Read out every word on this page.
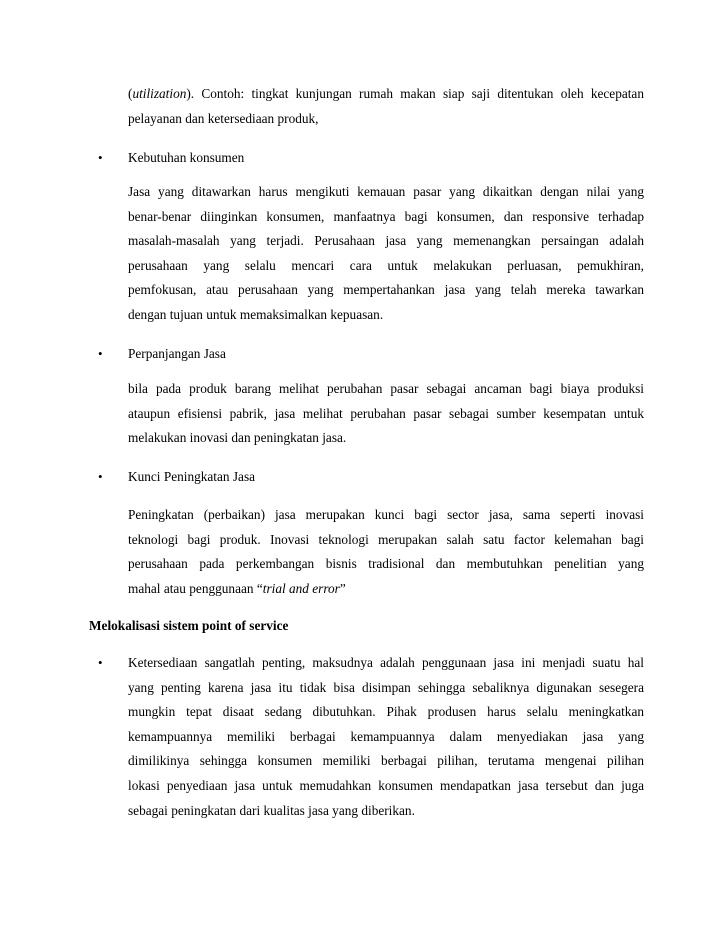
(utilization). Contoh: tingkat kunjungan rumah makan siap saji ditentukan oleh kecepatan
pelayanan dan ketersediaan produk,
•	Kebutuhan konsumen
Jasa yang ditawarkan harus mengikuti kemauan pasar yang dikaitkan dengan nilai yang
benar-benar diinginkan konsumen, manfaatnya bagi konsumen, dan responsive terhadap
masalah-masalah yang terjadi. Perusahaan jasa yang memenangkan persaingan adalah
perusahaan yang selalu mencari cara untuk melakukan perluasan, pemukhiran,
pemfokusan, atau perusahaan yang mempertahankan jasa yang telah mereka tawarkan
dengan tujuan untuk memaksimalkan kepuasan.
•	Perpanjangan Jasa
bila pada produk barang melihat perubahan pasar sebagai ancaman bagi biaya produksi
ataupun efisiensi pabrik, jasa melihat perubahan pasar sebagai sumber kesempatan untuk
melakukan inovasi dan peningkatan jasa.
•	Kunci Peningkatan Jasa
Peningkatan (perbaikan) jasa merupakan kunci bagi sector jasa, sama seperti inovasi
teknologi bagi produk. Inovasi teknologi merupakan salah satu factor kelemahan bagi
perusahaan pada perkembangan bisnis tradisional dan membutuhkan penelitian yang
mahal atau penggunaan “trial and error”
Melokalisasi sistem point of service
•	Ketersediaan sangatlah penting, maksudnya adalah penggunaan jasa ini menjadi suatu hal
yang penting karena jasa itu tidak bisa disimpan sehingga sebaliknya digunakan sesegera
mungkin tepat disaat sedang dibutuhkan. Pihak produsen harus selalu meningkatkan
kemampuannya memiliki berbagai kemampuannya dalam menyediakan jasa yang
dimilikinya sehingga konsumen memiliki berbagai pilihan, terutama mengenai pilihan
lokasi penyediaan jasa untuk memudahkan konsumen mendapatkan jasa tersebut dan juga
sebagai peningkatan dari kualitas jasa yang diberikan.
